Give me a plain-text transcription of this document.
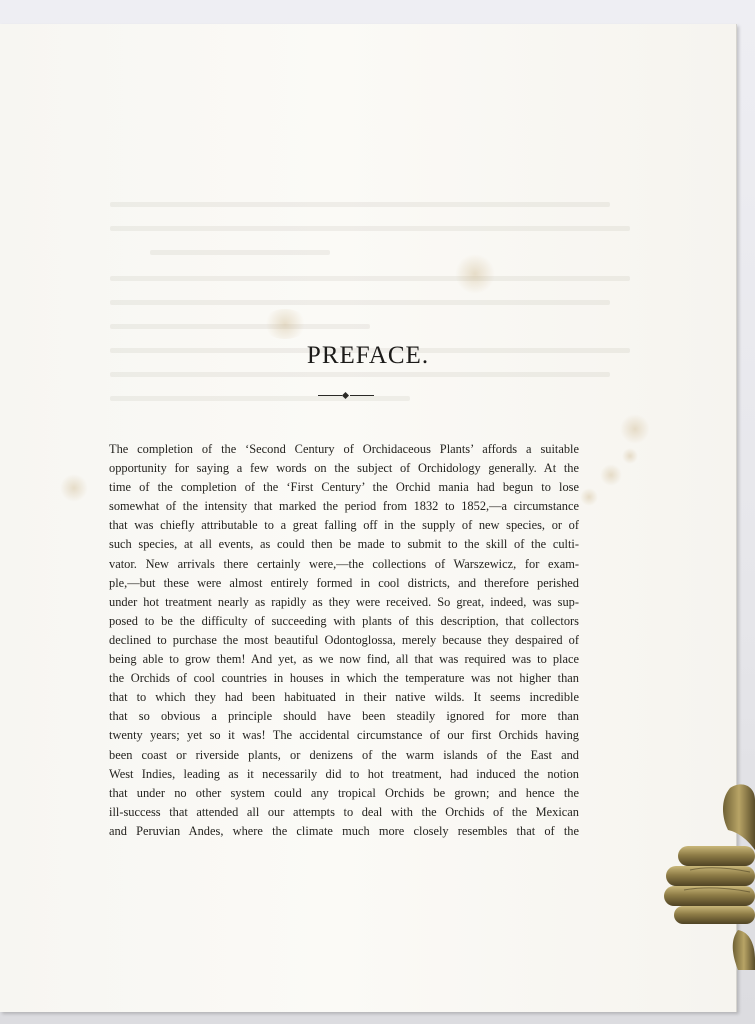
PREFACE.
The completion of the ‘Second Century of Orchidaceous Plants’ affords a suitable
opportunity for saying a few words on the subject of Orchidology generally. At the
time of the completion of the ‘First Century’ the Orchid mania had begun to lose
somewhat of the intensity that marked the period from 1832 to 1852,—a circumstance
that was chiefly attributable to a great falling off in the supply of new species, or of
such species, at all events, as could then be made to submit to the skill of the culti-
vator. New arrivals there certainly were,—the collections of Warszewicz, for exam-
ple,—but these were almost entirely formed in cool districts, and therefore perished
under hot treatment nearly as rapidly as they were received. So great, indeed, was sup-
posed to be the difficulty of succeeding with plants of this description, that collectors
declined to purchase the most beautiful Odontoglossa, merely because they despaired of
being able to grow them! And yet, as we now find, all that was required was to place
the Orchids of cool countries in houses in which the temperature was not higher than
that to which they had been habituated in their native wilds. It seems incredible
that so obvious a principle should have been steadily ignored for more than
twenty years; yet so it was! The accidental circumstance of our first Orchids having
been coast or riverside plants, or denizens of the warm islands of the East and
West Indies, leading as it necessarily did to hot treatment, had induced the notion
that under no other system could any tropical Orchids be grown; and hence the
ill-success that attended all our attempts to deal with the Orchids of the Mexican
and Peruvian Andes, where the climate much more closely resembles that of the
